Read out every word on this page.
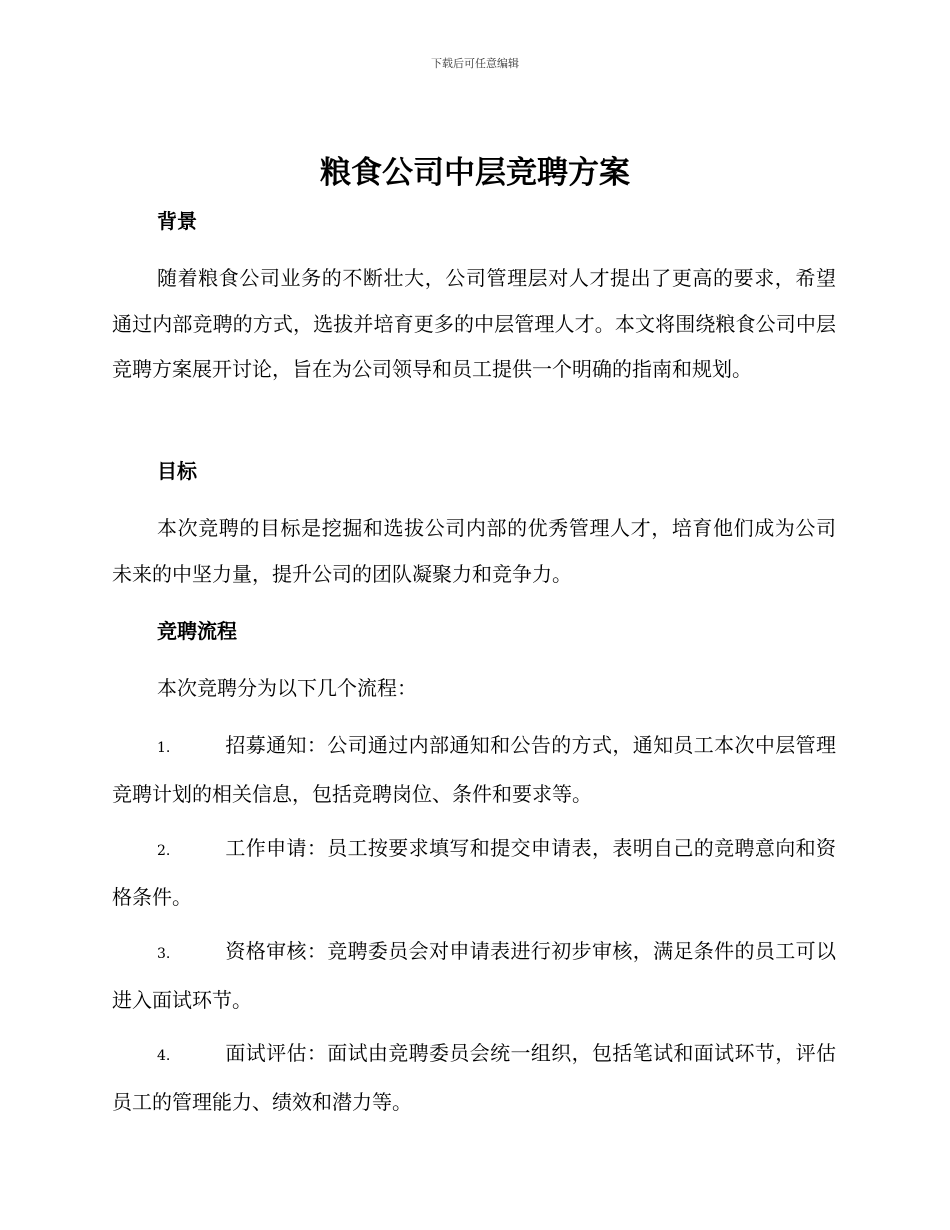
下载后可任意编辑
粮食公司中层竞聘方案
背景

随着粮食公司业务的不断壮大，公司管理层对人才提出了更高的要求，希望通过内部竞聘的方式，选拔并培育更多的中层管理人才。本文将围绕粮食公司中层竞聘方案展开讨论，旨在为公司领导和员工提供一个明确的指南和规划。

目标

本次竞聘的目标是挖掘和选拔公司内部的优秀管理人才，培育他们成为公司未来的中坚力量，提升公司的团队凝聚力和竞争力。

竞聘流程

本次竞聘分为以下几个流程：

1.	招募通知：公司通过内部通知和公告的方式，通知员工本次中层管理竞聘计划的相关信息，包括竞聘岗位、条件和要求等。

2.	工作申请：员工按要求填写和提交申请表，表明自己的竞聘意向和资格条件。

3.	资格审核：竞聘委员会对申请表进行初步审核，满足条件的员工可以进入面试环节。

4.	面试评估：面试由竞聘委员会统一组织，包括笔试和面试环节，评估员工的管理能力、绩效和潜力等。
